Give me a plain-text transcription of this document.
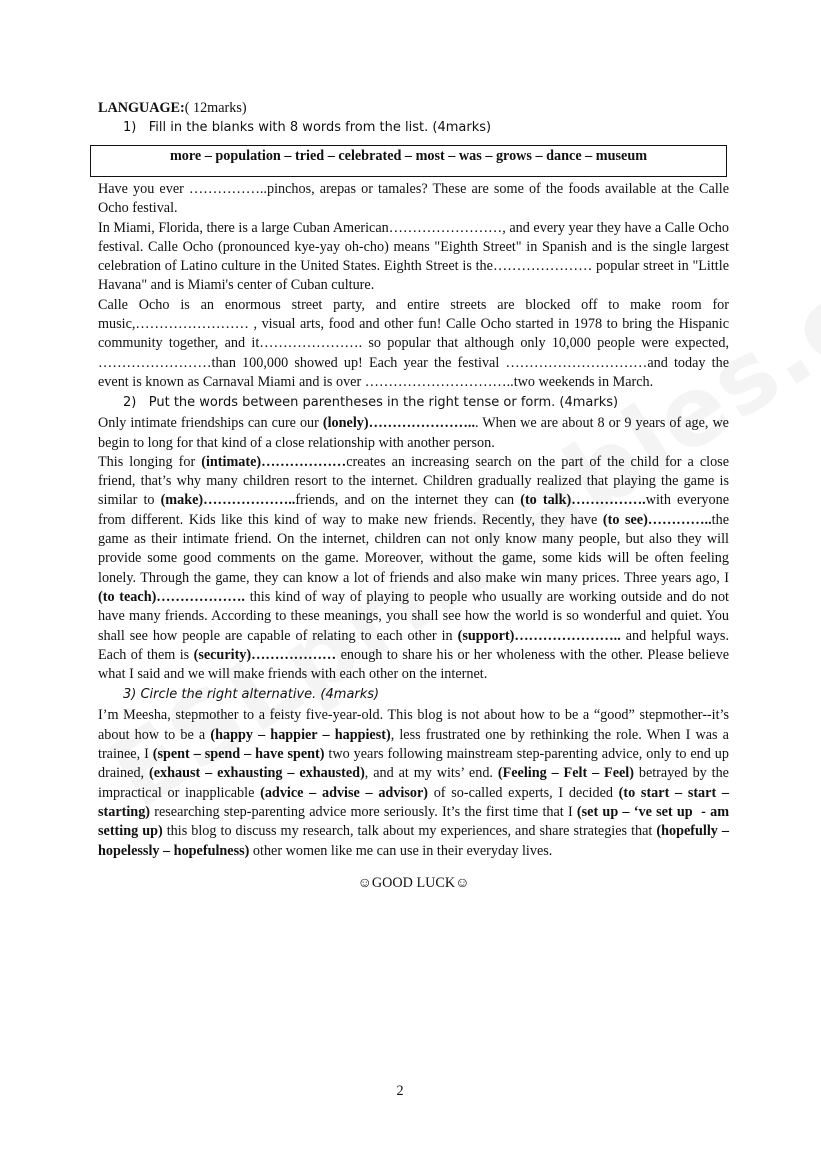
LANGUAGE:( 12marks)

1)   Fill in the blanks with 8 words from the list. (4marks)

more – population – tried – celebrated – most – was – grows – dance – museum

Have you ever ……………..pinchos, arepas or tamales? These are some of the foods available at the Calle Ocho festival.

In Miami, Florida, there is a large Cuban American……………………, and every year they have a Calle Ocho festival. Calle Ocho (pronounced kye-yay oh-cho) means "Eighth Street" in Spanish and is the single largest celebration of Latino culture in the United States. Eighth Street is the………………… popular street in "Little Havana" and is Miami's center of Cuban culture.

Calle Ocho is an enormous street party, and entire streets are blocked off to make room for music,…………………… , visual arts, food and other fun! Calle Ocho started in 1978 to bring the Hispanic community together, and it…………………. so popular that although only 10,000 people were expected, ……………………than 100,000 showed up! Each year the festival …………………………and today the event is known as Carnaval Miami and is over …………………………..two weekends in March.

2)   Put the words between parentheses in the right tense or form. (4marks)

Only intimate friendships can cure our (lonely)…………………... When we are about 8 or 9 years of age, we begin to long for that kind of a close relationship with another person.
This longing for (intimate)………………creates an increasing search on the part of the child for a close friend, that’s why many children resort to the internet. Children gradually realized that playing the game is similar to (make)………………..friends, and on the internet they can (to talk)…………….with everyone from different. Kids like this kind of way to make new friends. Recently, they have (to see)…………..the game as their intimate friend. On the internet, children can not only know many people, but also they will provide some good comments on the game. Moreover, without the game, some kids will be often feeling lonely. Through the game, they can know a lot of friends and also make win many prices. Three years ago, I (to teach)………………. this kind of way of playing to people who usually are working outside and do not have many friends. According to these meanings, you shall see how the world is so wonderful and quiet. You shall see how people are capable of relating to each other in (support)………………….. and helpful ways. Each of them is (security)……………… enough to share his or her wholeness with the other. Please believe what I said and we will make friends with each other on the internet.

3) Circle the right alternative. (4marks)

I’m Meesha, stepmother to a feisty five-year-old. This blog is not about how to be a “good” stepmother--it’s about how to be a (happy – happier – happiest), less frustrated one by rethinking the role. When I was a trainee, I (spent – spend – have spent) two years following mainstream step-parenting advice, only to end up drained, (exhaust – exhausting – exhausted), and at my wits’ end. (Feeling – Felt – Feel) betrayed by the impractical or inapplicable (advice – advise – advisor) of so-called experts, I decided (to start – start – starting) researching step-parenting advice more seriously. It’s the first time that I (set up – ‘ve set up  - am setting up) this blog to discuss my research, talk about my experiences, and share strategies that (hopefully – hopelessly – hopefulness) other women like me can use in their everyday lives.

☺GOOD LUCK☺

2
